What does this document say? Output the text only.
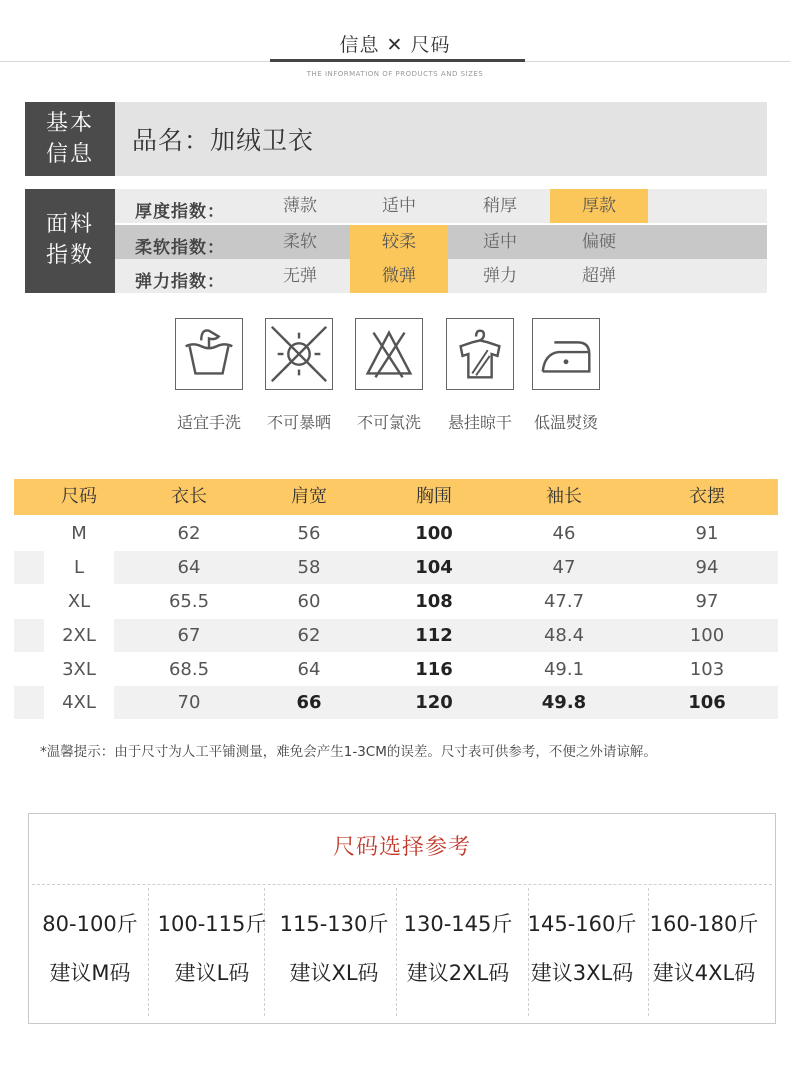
信息 ✕ 尺码
THE INFORMATION OF PRODUCTS AND SIZES
基本
信息	品名：加绒卫衣
面料
指数
厚度指数：	薄款	适中	稍厚	厚款
柔软指数：	柔软	较柔	适中	偏硬
弹力指数：	无弹	微弹	弹力	超弹
适宜手洗	不可暴晒	不可氯洗	悬挂晾干	低温熨烫
尺码	衣长	肩宽	胸围	袖长	衣摆
M	62	56	100	46	91
L	64	58	104	47	94
XL	65.5	60	108	47.7	97
2XL	67	62	112	48.4	100
3XL	68.5	64	116	49.1	103
4XL	70	66	120	49.8	106
*温馨提示：由于尺寸为人工平铺测量，难免会产生1-3CM的误差。尺寸表可供参考，不便之外请谅解。
尺码选择参考
80-100斤
建议M码
100-115斤
建议L码
115-130斤
建议XL码
130-145斤
建议2XL码
145-160斤
建议3XL码
160-180斤
建议4XL码
